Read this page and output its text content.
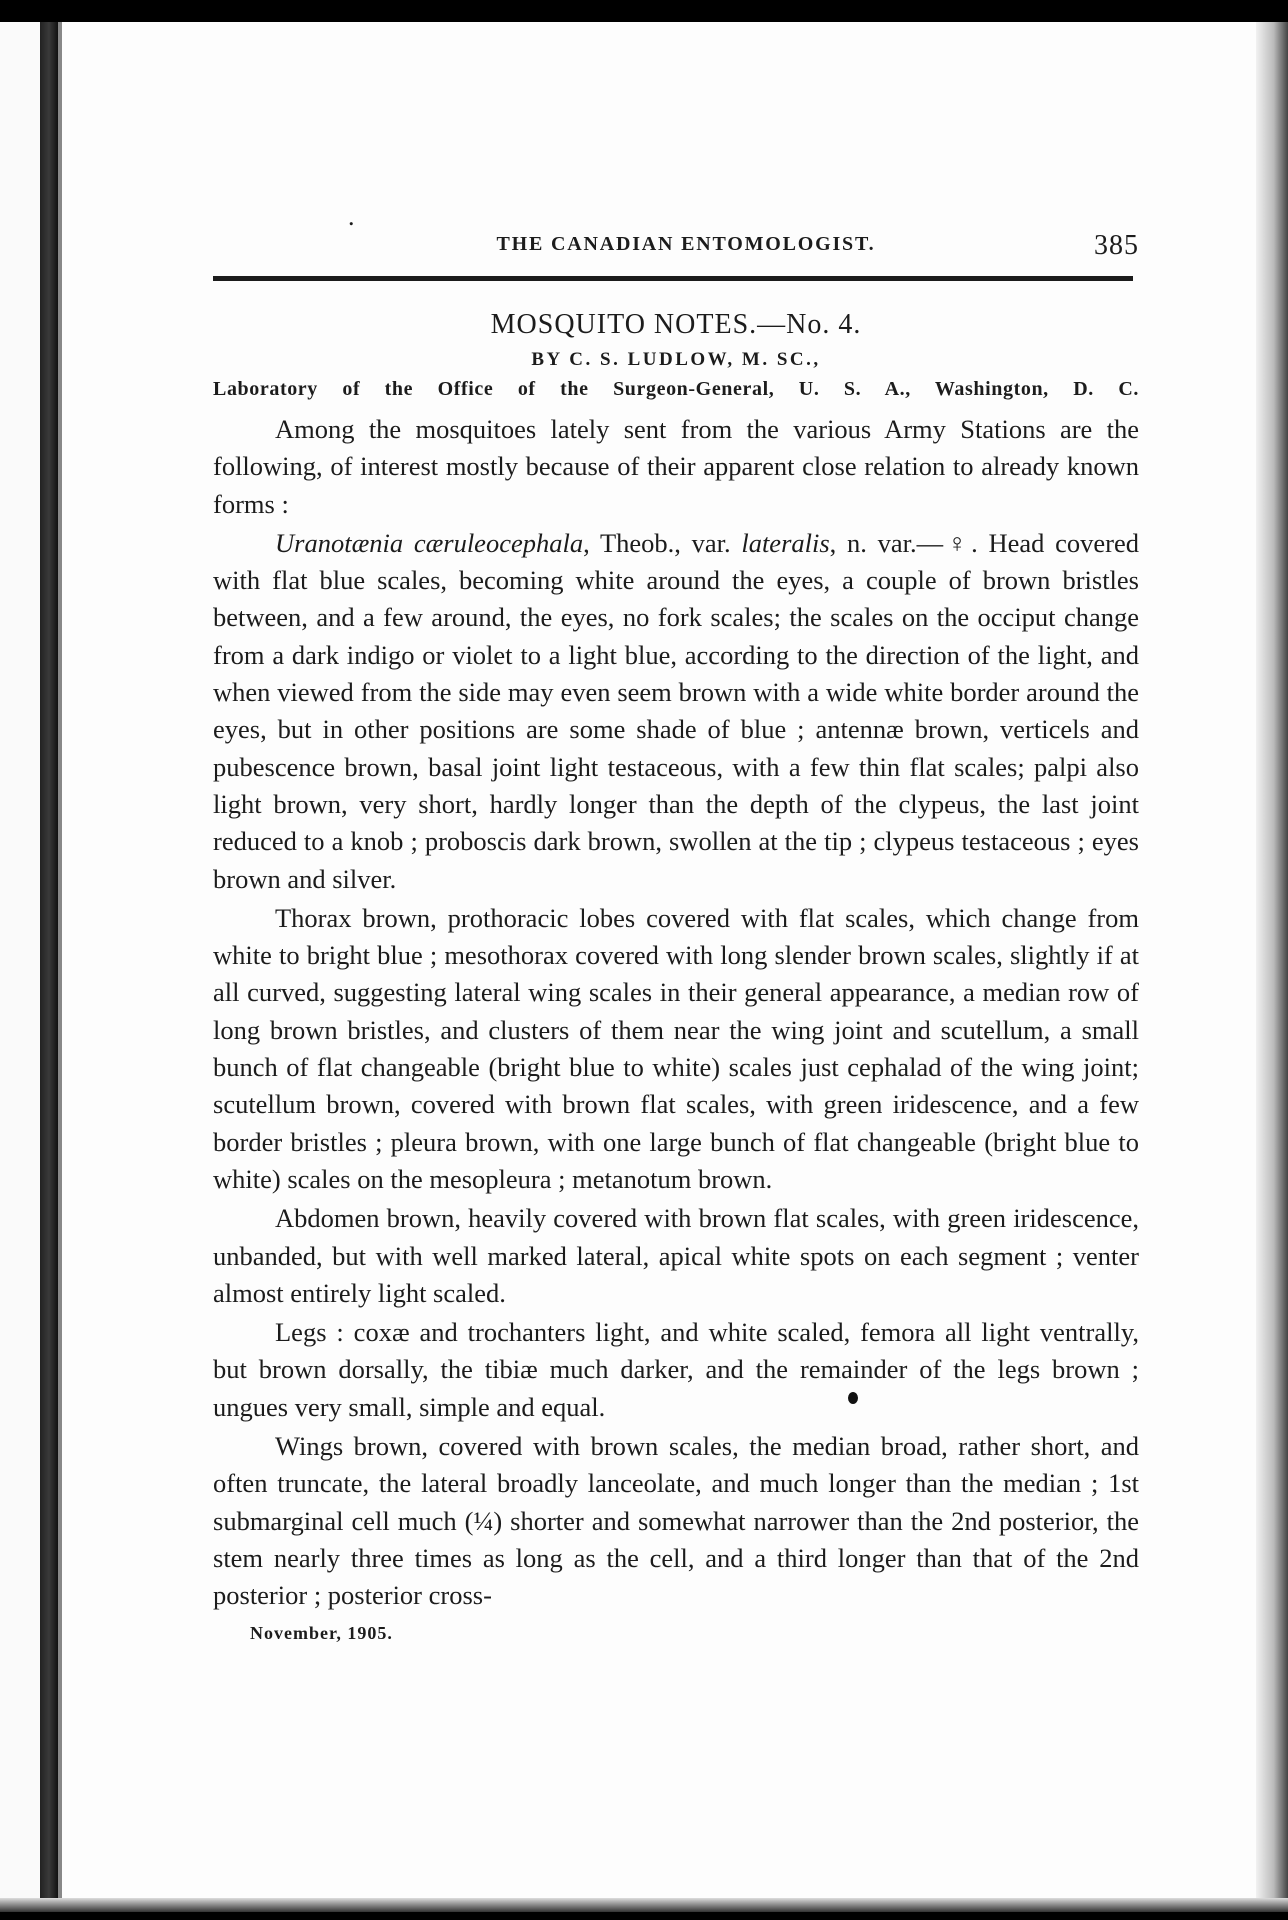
.
THE CANADIAN ENTOMOLOGIST.	385
MOSQUITO NOTES.—No. 4.
BY C. S. LUDLOW, M. SC.,
Laboratory of the Office of the Surgeon-General, U. S. A., Washington, D. C.

Among the mosquitoes lately sent from the various Army Stations are the following, of interest mostly because of their apparent close relation to already known forms :

Uranotænia cæruleocephala, Theob., var. lateralis, n. var.—♀. Head covered with flat blue scales, becoming white around the eyes, a couple of brown bristles between, and a few around, the eyes, no fork scales; the scales on the occiput change from a dark indigo or violet to a light blue, according to the direction of the light, and when viewed from the side may even seem brown with a wide white border around the eyes, but in other positions are some shade of blue ; antennæ brown, verticels and pubescence brown, basal joint light testaceous, with a few thin flat scales; palpi also light brown, very short, hardly longer than the depth of the clypeus, the last joint reduced to a knob ; proboscis dark brown, swollen at the tip ; clypeus testaceous ; eyes brown and silver.

Thorax brown, prothoracic lobes covered with flat scales, which change from white to bright blue ; mesothorax covered with long slender brown scales, slightly if at all curved, suggesting lateral wing scales in their general appearance, a median row of long brown bristles, and clusters of them near the wing joint and scutellum, a small bunch of flat changeable (bright blue to white) scales just cephalad of the wing joint; scutellum brown, covered with brown flat scales, with green iridescence, and a few border bristles ; pleura brown, with one large bunch of flat changeable (bright blue to white) scales on the mesopleura ; metanotum brown.

Abdomen brown, heavily covered with brown flat scales, with green iridescence, unbanded, but with well marked lateral, apical white spots on each segment ; venter almost entirely light scaled.

Legs : coxæ and trochanters light, and white scaled, femora all light ventrally, but brown dorsally, the tibiæ much darker, and the remainder of the legs brown ; ungues very small, simple and equal.

Wings brown, covered with brown scales, the median broad, rather short, and often truncate, the lateral broadly lanceolate, and much longer than the median ; 1st submarginal cell much (¼) shorter and somewhat narrower than the 2nd posterior, the stem nearly three times as long as the cell, and a third longer than that of the 2nd posterior ; posterior cross-

November, 1905.
